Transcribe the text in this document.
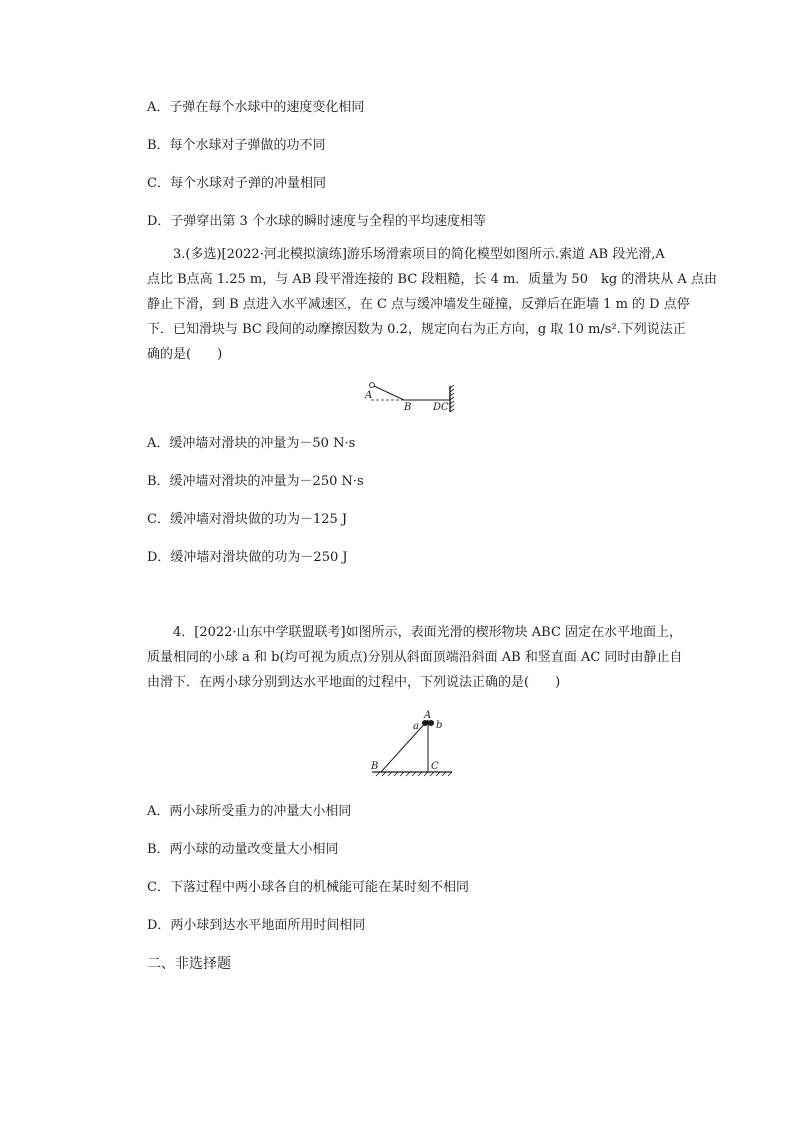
A．子弹在每个水球中的速度变化相同
B．每个水球对子弹做的功不同
C．每个水球对子弹的冲量相同
D．子弹穿出第 3 个水球的瞬时速度与全程的平均速度相等
3.(多选)[2022·河北模拟演练]游乐场滑索项目的简化模型如图所示.索道 AB 段光滑,A
点比 B点高 1.25 m，与 AB 段平滑连接的 BC 段粗糙，长 4 m．质量为 50　kg 的滑块从 A 点由
静止下滑，到 B 点进入水平减速区，在 C 点与缓冲墙发生碰撞，反弹后在距墙 1 m 的 D 点停
下．已知滑块与 BC 段间的动摩擦因数为 0.2，规定向右为正方向，g 取 10 m/s².下列说法正
确的是(　　)
A
B D C
A．缓冲墙对滑块的冲量为－50 N·s
B．缓冲墙对滑块的冲量为－250 N·s
C．缓冲墙对滑块做的功为－125 J
D．缓冲墙对滑块做的功为－250 J
4．[2022·山东中学联盟联考]如图所示，表面光滑的楔形物块 ABC 固定在水平地面上，
质量相同的小球 a 和 b(均可视为质点)分别从斜面顶端沿斜面 AB 和竖直面 AC 同时由静止自
由滑下．在两小球分别到达水平地面的过程中，下列说法正确的是(　　)
A
a b
B	C
A．两小球所受重力的冲量大小相同
B．两小球的动量改变量大小相同
C．下落过程中两小球各自的机械能可能在某时刻不相同
D．两小球到达水平地面所用时间相同
二、非选择题
